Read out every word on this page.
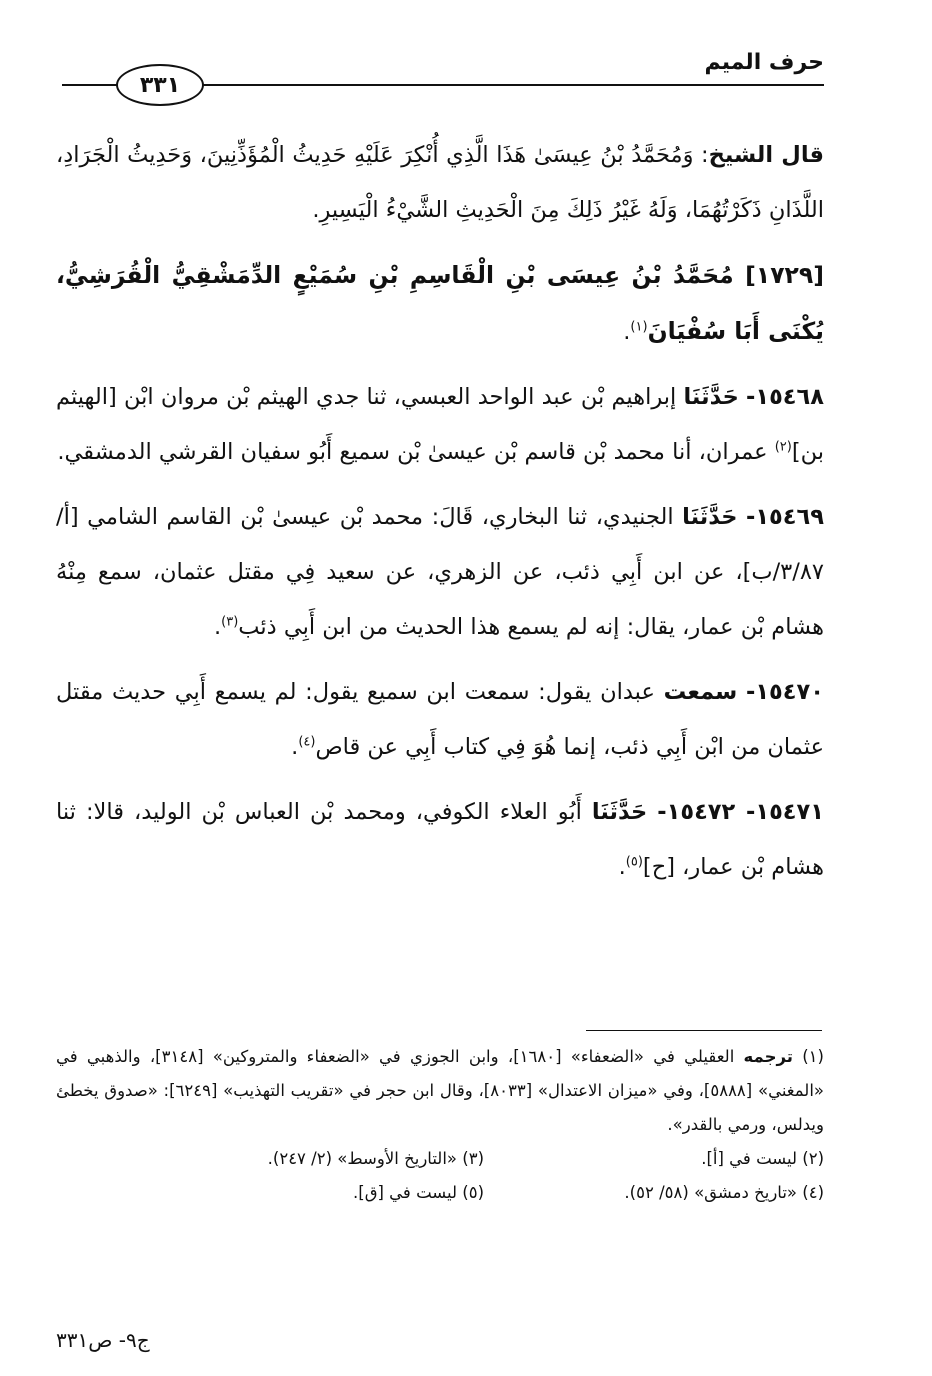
حرف الميم
٣٣١

قال الشيخ: وَمُحَمَّدُ بْنُ عِيسَىٰ هَذَا الَّذِي أُنْكِرَ عَلَيْهِ حَدِيثُ الْمُؤَذِّنِينَ، وَحَدِيثُ الْجَرَادِ، اللَّذَانِ ذَكَرْتُهُمَا، وَلَهُ غَيْرُ ذَلِكَ مِنَ الْحَدِيثِ الشَّيْءُ الْيَسِيرِ.

[١٧٢٩] مُحَمَّدُ بْنُ عِيسَى بْنِ الْقَاسِمِ بْنِ سُمَيْعٍ الدِّمَشْقِيُّ الْقُرَشِيُّ، يُكْنَى أَبَا سُفْيَانَ$^{(١)}$.

١٥٤٦٨- حَدَّثَنَا إبراهيم بْن عبد الواحد العبسي، ثنا جدي الهيثم بْن مروان ابْن [الهيثم بن]$^{(٢)}$ عمران، أنا محمد بْن قاسم بْن عيسىٰ بْن سميع أَبُو سفيان القرشي الدمشقي.

١٥٤٦٩- حَدَّثَنَا الجنيدي، ثنا البخاري، قَالَ: محمد بْن عيسىٰ بْن القاسم الشامي [أ/٣/٨٧/ب]، عن ابن أَبِي ذئب، عن الزهري، عن سعيد فِي مقتل عثمان، سمع مِنْهُ هشام بْن عمار، يقال: إنه لم يسمع هذا الحديث من ابن أَبِي ذئب$^{(٣)}$.

١٥٤٧٠- سمعت عبدان يقول: سمعت ابن سميع يقول: لم يسمع أَبِي حديث مقتل عثمان من ابْن أَبِي ذئب، إنما هُوَ فِي كتاب أَبِي عن قاص$^{(٤)}$.

١٥٤٧١- ١٥٤٧٢- حَدَّثَنَا أَبُو العلاء الكوفي، ومحمد بْن العباس بْن الوليد، قالا: ثنا هشام بْن عمار، [ح]$^{(٥)}$.

(١) ترجمه العقيلي في «الضعفاء» [١٦٨٠]، وابن الجوزي في «الضعفاء والمتروكين» [٣١٤٨]، والذهبي في «المغني» [٥٨٨٨]، وفي «ميزان الاعتدال» [٨٠٣٣]، وقال ابن حجر في «تقريب التهذيب» [٦٢٤٩]: «صدوق يخطئ ويدلس، ورمي بالقدر».

(٢) ليست في [أ].

(٣) «التاريخ الأوسط» (٢/ ٢٤٧).

(٤) «تاريخ دمشق» (٥٨/ ٥٢).

(٥) ليست في [ق].

ج٩- ص٣٣١
